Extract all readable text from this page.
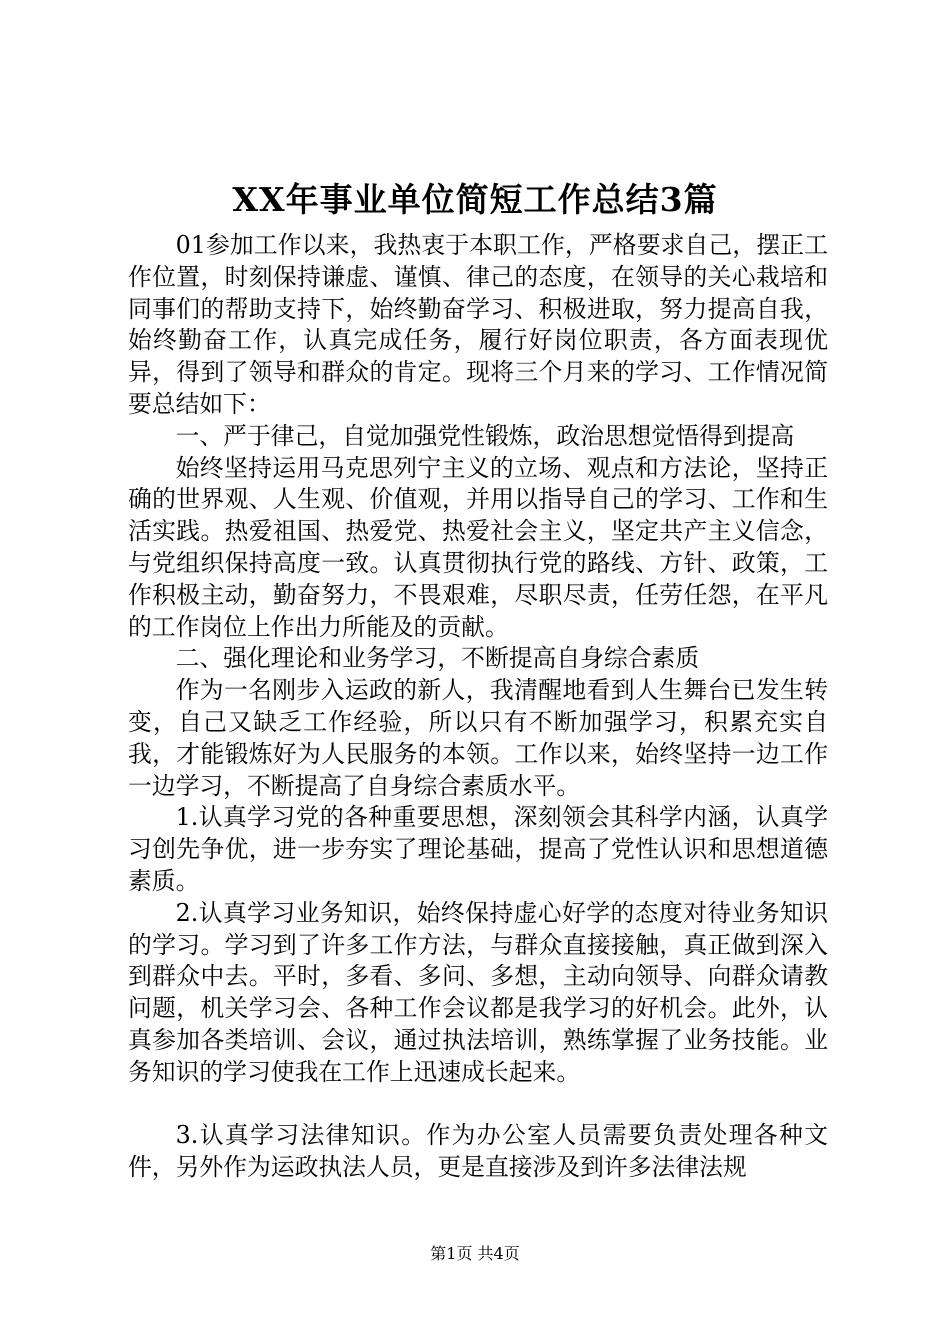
XX年事业单位简短工作总结3篇

01参加工作以来，我热衷于本职工作，严格要求自己，摆正工作位置，时刻保持谦虚、谨慎、律己的态度，在领导的关心栽培和同事们的帮助支持下，始终勤奋学习、积极进取，努力提高自我，始终勤奋工作，认真完成任务，履行好岗位职责，各方面表现优异，得到了领导和群众的肯定。现将三个月来的学习、工作情况简要总结如下：

一、严于律己，自觉加强党性锻炼，政治思想觉悟得到提高

始终坚持运用马克思列宁主义的立场、观点和方法论，坚持正确的世界观、人生观、价值观，并用以指导自己的学习、工作和生活实践。热爱祖国、热爱党、热爱社会主义，坚定共产主义信念，与党组织保持高度一致。认真贯彻执行党的路线、方针、政策，工作积极主动，勤奋努力，不畏艰难，尽职尽责，任劳任怨，在平凡的工作岗位上作出力所能及的贡献。

二、强化理论和业务学习，不断提高自身综合素质

作为一名刚步入运政的新人，我清醒地看到人生舞台已发生转变，自己又缺乏工作经验，所以只有不断加强学习，积累充实自我，才能锻炼好为人民服务的本领。工作以来，始终坚持一边工作一边学习，不断提高了自身综合素质水平。

1.认真学习党的各种重要思想，深刻领会其科学内涵，认真学习创先争优，进一步夯实了理论基础，提高了党性认识和思想道德素质。

2.认真学习业务知识，始终保持虚心好学的态度对待业务知识的学习。学习到了许多工作方法，与群众直接接触，真正做到深入到群众中去。平时，多看、多问、多想，主动向领导、向群众请教问题，机关学习会、各种工作会议都是我学习的好机会。此外，认真参加各类培训、会议，通过执法培训，熟练掌握了业务技能。业务知识的学习使我在工作上迅速成长起来。

3.认真学习法律知识。作为办公室人员需要负责处理各种文件，另外作为运政执法人员，更是直接涉及到许多法律法规

第1页 共4页
